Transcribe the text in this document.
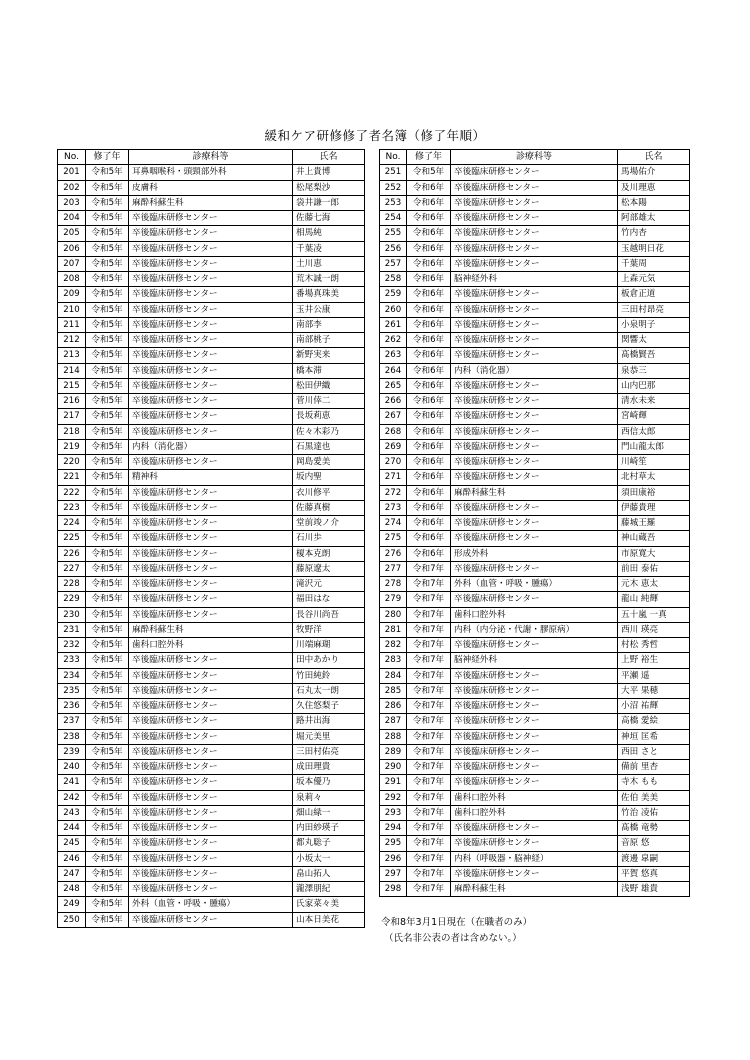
緩和ケア研修修了者名簿（修了年順）
No.	修了年	診療科等	氏名
201	令和5年	耳鼻咽喉科・頭頸部外科	井上貴博
202	令和5年	皮膚科	松尾梨沙
203	令和5年	麻酔科蘇生科	袋井謙一郎
204	令和5年	卒後臨床研修センター	佐藤七海
205	令和5年	卒後臨床研修センター	相馬純
206	令和5年	卒後臨床研修センター	千葉凌
207	令和5年	卒後臨床研修センター	土川恵
208	令和5年	卒後臨床研修センター	荒木誠一朗
209	令和5年	卒後臨床研修センター	番場真珠美
210	令和5年	卒後臨床研修センター	玉井公康
211	令和5年	卒後臨床研修センター	南部李
212	令和5年	卒後臨床研修センター	南部桃子
213	令和5年	卒後臨床研修センター	新野実来
214	令和5年	卒後臨床研修センター	橋本滞
215	令和5年	卒後臨床研修センター	松田伊織
216	令和5年	卒後臨床研修センター	菅川倖二
217	令和5年	卒後臨床研修センター	長坂莉恵
218	令和5年	卒後臨床研修センター	佐々木彩乃
219	令和5年	内科（消化器）	石黒達也
220	令和5年	卒後臨床研修センター	岡島愛美
221	令和5年	精神科	坂内聖
222	令和5年	卒後臨床研修センター	衣川修平
223	令和5年	卒後臨床研修センター	佐藤真樹
224	令和5年	卒後臨床研修センター	堂前竣ノ介
225	令和5年	卒後臨床研修センター	石川歩
226	令和5年	卒後臨床研修センター	榎本克朗
227	令和5年	卒後臨床研修センター	藤原遼太
228	令和5年	卒後臨床研修センター	滝沢元
229	令和5年	卒後臨床研修センター	福田はな
230	令和5年	卒後臨床研修センター	長谷川尚吾
231	令和5年	麻酔科蘇生科	牧野洋
232	令和5年	歯科口腔外科	川端麻瑚
233	令和5年	卒後臨床研修センター	田中あかり
234	令和5年	卒後臨床研修センター	竹田純鈴
235	令和5年	卒後臨床研修センター	石丸太一朗
236	令和5年	卒後臨床研修センター	久住悠梨子
237	令和5年	卒後臨床研修センター	路井出海
238	令和5年	卒後臨床研修センター	堀元美里
239	令和5年	卒後臨床研修センター	三田村佑亮
240	令和5年	卒後臨床研修センター	成田理貴
241	令和5年	卒後臨床研修センター	坂本優乃
242	令和5年	卒後臨床研修センター	泉莉々
243	令和5年	卒後臨床研修センター	畑山緑一
244	令和5年	卒後臨床研修センター	内田紗瑛子
245	令和5年	卒後臨床研修センター	都丸聡子
246	令和5年	卒後臨床研修センター	小坂太一
247	令和5年	卒後臨床研修センター	畠山拓人
248	令和5年	卒後臨床研修センター	瀧澤朋紀
249	令和5年	外科（血管・呼吸・腫瘍）	氏家菜々美
250	令和5年	卒後臨床研修センター	山本日美花
No.	修了年	診療科等	氏名
251	令和5年	卒後臨床研修センター	馬場佑介
252	令和6年	卒後臨床研修センター	及川理恵
253	令和6年	卒後臨床研修センター	松本陽
254	令和6年	卒後臨床研修センター	阿部雄太
255	令和6年	卒後臨床研修センター	竹内杏
256	令和6年	卒後臨床研修センター	玉越明日花
257	令和6年	卒後臨床研修センター	千葉周
258	令和6年	脳神経外科	上森元気
259	令和6年	卒後臨床研修センター	板倉正道
260	令和6年	卒後臨床研修センター	三田村昂亮
261	令和6年	卒後臨床研修センター	小泉明子
262	令和6年	卒後臨床研修センター	関響太
263	令和6年	卒後臨床研修センター	髙橋賢吾
264	令和6年	内科（消化器）	泉恭三
265	令和6年	卒後臨床研修センター	山内巴那
266	令和6年	卒後臨床研修センター	清水未来
267	令和6年	卒後臨床研修センター	宮崎輝
268	令和6年	卒後臨床研修センター	西信太郎
269	令和6年	卒後臨床研修センター	門山龍太郎
270	令和6年	卒後臨床研修センター	川崎笙
271	令和6年	卒後臨床研修センター	北村草太
272	令和6年	麻酔科蘇生科	須田康裕
273	令和6年	卒後臨床研修センター	伊藤貴理
274	令和6年	卒後臨床研修センター	藤城王羅
275	令和6年	卒後臨床研修センター	神山蔵吾
276	令和6年	形成外科	市原寛大
277	令和7年	卒後臨床研修センター	前田 泰佑
278	令和7年	外科（血管・呼吸・腫瘍）	元木 恵太
279	令和7年	卒後臨床研修センター	龍山 純輝
280	令和7年	歯科口腔外科	五十嵐 一真
281	令和7年	内科（内分泌・代謝・膠原病）	西川 瑛亮
282	令和7年	卒後臨床研修センター	村松 秀哲
283	令和7年	脳神経外科	上野 裕生
284	令和7年	卒後臨床研修センター	平瀬 遥
285	令和7年	卒後臨床研修センター	大平 果穂
286	令和7年	卒後臨床研修センター	小沼 祐輝
287	令和7年	卒後臨床研修センター	高橋 愛絵
288	令和7年	卒後臨床研修センター	神垣 匡希
289	令和7年	卒後臨床研修センター	西田 さと
290	令和7年	卒後臨床研修センター	備前 里杏
291	令和7年	卒後臨床研修センター	寺木 もも
292	令和7年	歯科口腔外科	佐伯 美美
293	令和7年	歯科口腔外科	竹治 凌佑
294	令和7年	卒後臨床研修センター	髙橋 竜勢
295	令和7年	卒後臨床研修センター	音原 悠
296	令和7年	内科（呼吸器・脳神経）	渡邊 皐嗣
297	令和7年	卒後臨床研修センター	平賀 悠真
298	令和7年	麻酔科蘇生科	浅野 雄貴
令和8年3月1日現在（在職者のみ）
（氏名非公表の者は含めない。）
